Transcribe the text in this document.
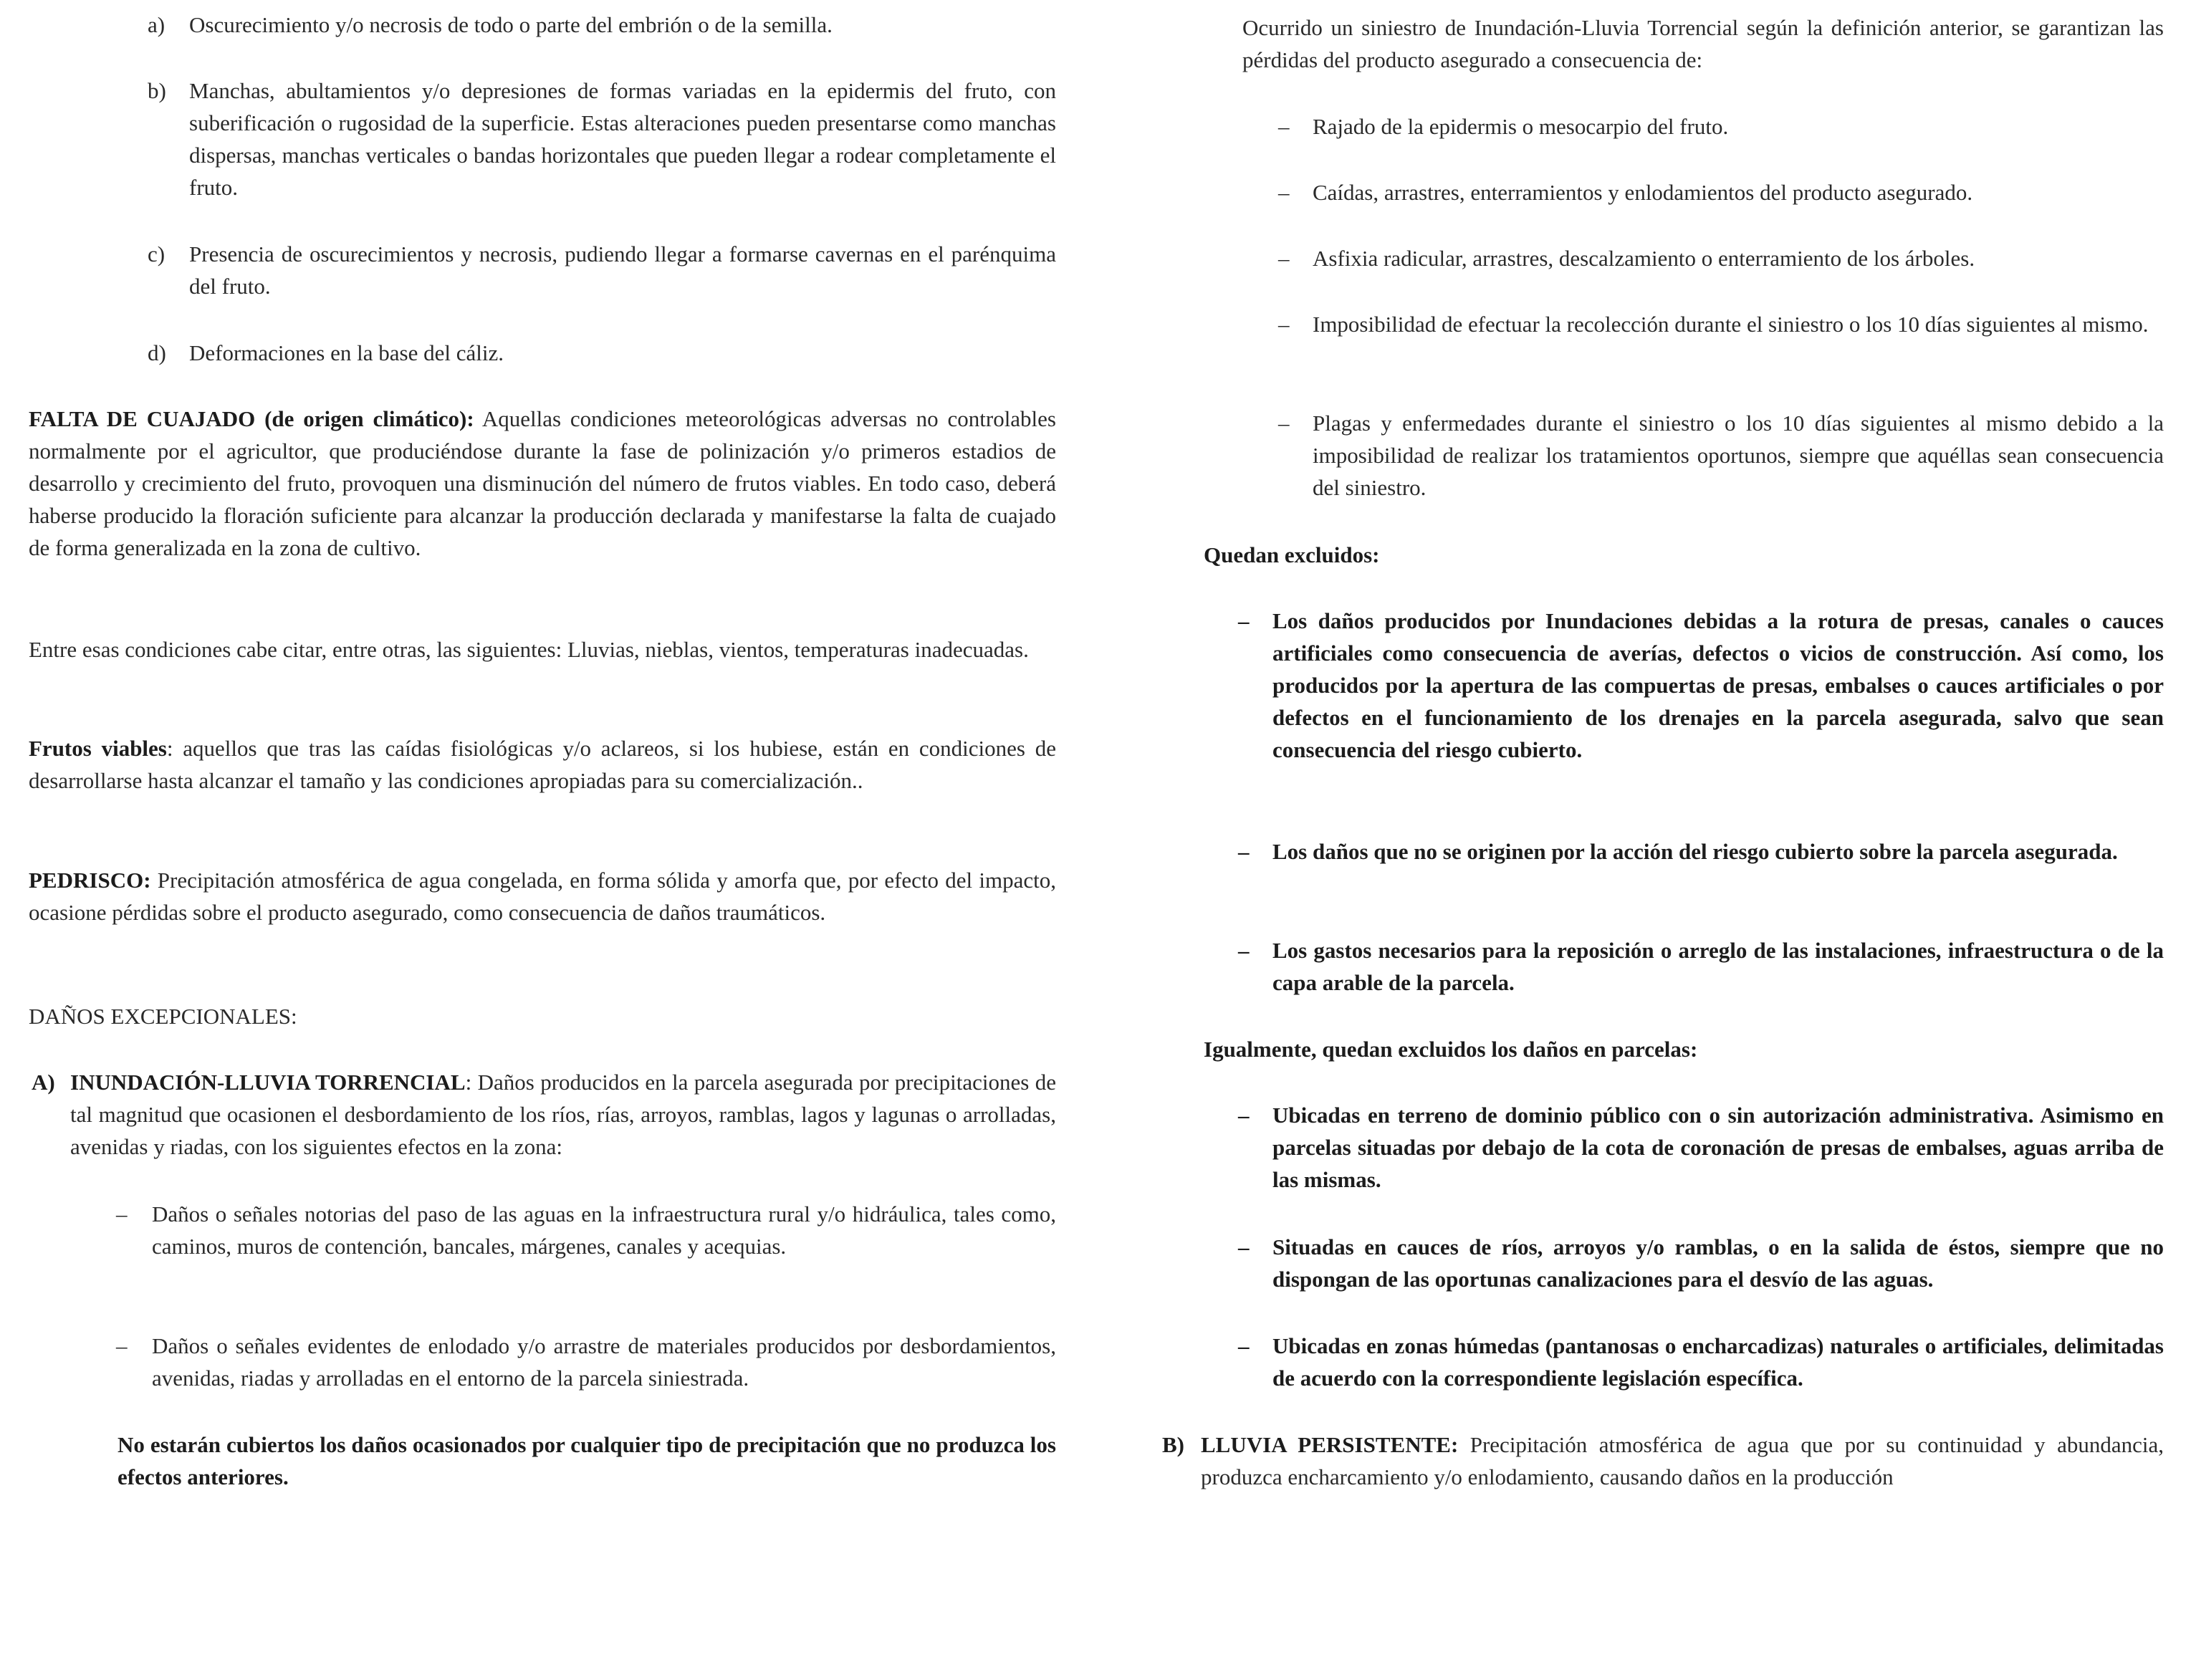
a) Oscurecimiento y/o necrosis de todo o parte del embrión o de la semilla.

b) Manchas, abultamientos y/o depresiones de formas variadas en la epidermis del fruto, con suberificación o rugosidad de la superficie. Estas alteraciones pueden presentarse como manchas dispersas, manchas verticales o bandas horizontales que pueden llegar a rodear completamente el fruto.

c) Presencia de oscurecimientos y necrosis, pudiendo llegar a formarse cavernas en el parénquima del fruto.

d) Deformaciones en la base del cáliz.

FALTA DE CUAJADO (de origen climático): Aquellas condiciones meteorológicas adversas no controlables normalmente por el agricultor, que produciéndose durante la fase de polinización y/o primeros estadios de desarrollo y crecimiento del fruto, provoquen una disminución del número de frutos viables. En todo caso, deberá haberse producido la floración suficiente para alcanzar la producción declarada y manifestarse la falta de cuajado de forma generalizada en la zona de cultivo.

Entre esas condiciones cabe citar, entre otras, las siguientes: Lluvias, nieblas, vientos, temperaturas inadecuadas.

Frutos viables: aquellos que tras las caídas fisiológicas y/o aclareos, si los hubiese, están en condiciones de desarrollarse hasta alcanzar el tamaño y las condiciones apropiadas para su comercialización..

PEDRISCO: Precipitación atmosférica de agua congelada, en forma sólida y amorfa que, por efecto del impacto, ocasione pérdidas sobre el producto asegurado, como consecuencia de daños traumáticos.

DAÑOS EXCEPCIONALES:

A) INUNDACIÓN-LLUVIA TORRENCIAL: Daños producidos en la parcela asegurada por precipitaciones de tal magnitud que ocasionen el desbordamiento de los ríos, rías, arroyos, ramblas, lagos y lagunas o arrolladas, avenidas y riadas, con los siguientes efectos en la zona:

– Daños o señales notorias del paso de las aguas en la infraestructura rural y/o hidráulica, tales como, caminos, muros de contención, bancales, márgenes, canales y acequias.

– Daños o señales evidentes de enlodado y/o arrastre de materiales producidos por desbordamientos, avenidas, riadas y arrolladas en el entorno de la parcela siniestrada.

No estarán cubiertos los daños ocasionados por cualquier tipo de precipitación que no produzca los efectos anteriores.

Ocurrido un siniestro de Inundación-Lluvia Torrencial según la definición anterior, se garantizan las pérdidas del producto asegurado a consecuencia de:

– Rajado de la epidermis o mesocarpio del fruto.

– Caídas, arrastres, enterramientos y enlodamientos del producto asegurado.

– Asfixia radicular, arrastres, descalzamiento o enterramiento de los árboles.

– Imposibilidad de efectuar la recolección durante el siniestro o los 10 días siguientes al mismo.

– Plagas y enfermedades durante el siniestro o los 10 días siguientes al mismo debido a la imposibilidad de realizar los tratamientos oportunos, siempre que aquéllas sean consecuencia del siniestro.

Quedan excluidos:

– Los daños producidos por Inundaciones debidas a la rotura de presas, canales o cauces artificiales como consecuencia de averías, defectos o vicios de construcción. Así como, los producidos por la apertura de las compuertas de presas, embalses o cauces artificiales o por defectos en el funcionamiento de los drenajes en la parcela asegurada, salvo que sean consecuencia del riesgo cubierto.

– Los daños que no se originen por la acción del riesgo cubierto sobre la parcela asegurada.

– Los gastos necesarios para la reposición o arreglo de las instalaciones, infraestructura o de la capa arable de la parcela.

Igualmente, quedan excluidos los daños en parcelas:

– Ubicadas en terreno de dominio público con o sin autorización administrativa. Asimismo en parcelas situadas por debajo de la cota de coronación de presas de embalses, aguas arriba de las mismas.

– Situadas en cauces de ríos, arroyos y/o ramblas, o en la salida de éstos, siempre que no dispongan de las oportunas canalizaciones para el desvío de las aguas.

– Ubicadas en zonas húmedas (pantanosas o encharcadizas) naturales o artificiales, delimitadas de acuerdo con la correspondiente legislación específica.

B) LLUVIA PERSISTENTE: Precipitación atmosférica de agua que por su continuidad y abundancia, produzca encharcamiento y/o enlodamiento, causando daños en la producción
